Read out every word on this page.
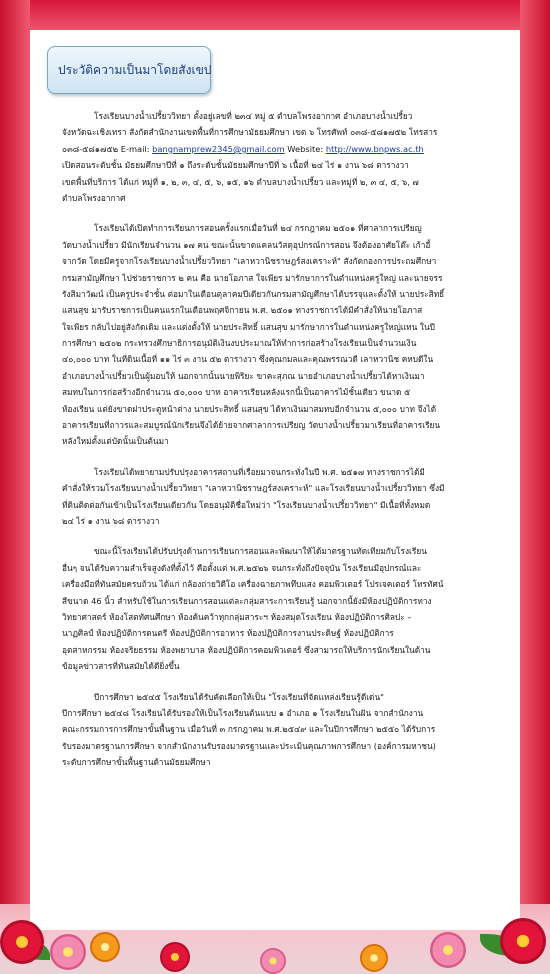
ประวัติความเป็นมาโดยสังเขป
โรงเรียนบางน้ำเปรี้ยววิทยา ตั้งอยู่เลขที่ ๒๓๔ หมู่ ๕ ตำบลโพรงอากาศ อำเภอบางน้ำเปรี้ยว
จังหวัดฉะเชิงเทรา สังกัดสำนักงานเขตพื้นที่การศึกษามัธยมศึกษา เขต ๖ โทรศัพท์ ๐๓๘-๕๘๑๗๕๒ โทรสาร
๐๓๘-๕๘๑๗๕๒ E-mail: bangnamprew2345@gmail.com Website: http://www.bnpws.ac.th
เปิดสอนระดับชั้น มัธยมศึกษาปีที่ ๑ ถึงระดับชั้นมัธยมศึกษาปีที่ ๖ เนื้อที่ ๒๔ ไร่ ๑ งาน ๖๘ ตารางวา
เขตพื้นที่บริการ ได้แก่ หมู่ที่ ๑, ๒, ๓, ๔, ๕, ๖, ๑๕, ๑๖ ตำบลบางน้ำเปรี้ยว และหมู่ที่ ๒, ๓ ๔, ๕, ๖, ๗
ตำบลโพรงอากาศ
โรงเรียนได้เปิดทำการเรียนการสอนครั้งแรกเมื่อวันที่ ๒๔ กรกฎาคม ๒๕๐๑ ที่ศาลาการเปรียญ
วัดบางน้ำเปรี้ยว มีนักเรียนจำนวน ๑๗ คน ขณะนั้นขาดแคลนวัสดุอุปกรณ์การสอน จึงต้องอาศัยโต๊ะ เก้าอี้
จากวัด โดยมีครูจากโรงเรียนบางน้ำเปรี้ยววิทยา "เลาหวานิชราษฎร์สงเคราะห์" สังกัดกองการประถมศึกษา
กรมสามัญศึกษา ไปช่วยราชการ ๒ คน คือ นายโอภาส ใจเพียร มารักษาการในตำแหน่งครูใหญ่ และนายจรร
รังสิมาวัฒน์ เป็นครูประจำชั้น ต่อมาในเดือนตุลาคมปีเดียวกันกรมสามัญศึกษาได้บรรจุและตั้งให้ นายประสิทธิ์
แสนสุข มารับราชการเป็นคนแรกในเดือนพฤศจิกายน พ.ศ. ๒๕๐๑ ทางราชการได้มีคำสั่งให้นายโอภาส
ใจเพียร กลับไปอยู่สังกัดเดิม และแต่งตั้งให้ นายประสิทธิ์ แสนสุข มารักษาการในตำแหน่งครูใหญ่แทน ในปี
การศึกษา ๒๕๐๒ กระทรวงศึกษาธิการอนุมัติเงินงบประมาณให้ทำการก่อสร้างโรงเรียนเป็นจำนวนเงิน
๔๐,๐๐๐ บาท ในที่ดินเนื้อที่ ๑๑ ไร่ ๓ งาน ๕๒ ตารางวา ซึ่งคุณกมลและคุณพรรณวดี เลาหวานิช คหบดีใน
อำเภอบางน้ำเปรี้ยวเป็นผู้มอบให้ นอกจากนั้นนายพิริยะ ขาคะสุภณ นายอำเภอบางน้ำเปรี้ยวได้หาเงินมา
สมทบในการก่อสร้างอีกจำนวน ๕๐,๐๐๐ บาท อาคารเรียนหลังแรกนี้เป็นอาคารไม้ชั้นเดียว ขนาด ๕
ห้องเรียน แต่ยังขาดฝาประตูหน้าต่าง นายประสิทธิ์ แสนสุข ได้หาเงินมาสมทบอีกจำนวน ๕,๐๐๐ บาท จึงได้
อาคารเรียนที่ถาวรและสมบูรณ์นักเรียนจึงได้ย้ายจากศาลาการเปรียญ วัดบางน้ำเปรี้ยวมาเรียนที่อาคารเรียน
หลังใหม่ตั้งแต่บัดนั้นเป็นต้นมา
โรงเรียนได้พยายามปรับปรุงอาคารสถานที่เรื่อยมาจนกระทั่งในปี พ.ศ. ๒๕๑๗ ทางราชการได้มี
คำสั่งให้รวมโรงเรียนบางน้ำเปรี้ยววิทยา "เลาหวานิชราษฎร์สงเคราะห์" และโรงเรียนบางน้ำเปรี้ยววิทยา ซึ่งมี
ที่ดินติดต่อกันเข้าเป็นโรงเรียนเดียวกัน โดยอนุมัติชื่อใหม่ว่า "โรงเรียนบางน้ำเปรี้ยววิทยา" มีเนื้อที่ทั้งหมด
๒๔ ไร่ ๑ งาน ๖๘ ตารางวา
ขณะนี้โรงเรียนได้ปรับปรุงด้านการเรียนการสอนและพัฒนาให้ได้มาตรฐานทัดเทียมกับโรงเรียน
อื่นๆ จนได้รับความสำเร็จสูงดังที่ตั้งไว้ คือตั้งแต่ พ.ศ.๒๕๒๖ จนกระทั่งถึงปัจจุบัน โรงเรียนมีอุปกรณ์และ
เครื่องมือที่ทันสมัยครบถ้วน ได้แก่ กล้องถ่ายวิดีโอ เครื่องฉายภาพทึบแสง คอมพิวเตอร์ โปรเจคเตอร์ โทรทัศน์
สีขนาด 46 นิ้ว สำหรับใช้ในการเรียนการสอนแต่ละกลุ่มสาระการเรียนรู้ นอกจากนี้ยังมีห้องปฏิบัติการทาง
วิทยาศาสตร์ ห้องโสตทัศนศึกษา ห้องค้นคว้าทุกกลุ่มสาระฯ ห้องสมุดโรงเรียน ห้องปฏิบัติการศิลปะ –
นาฏศิลป์ ห้องปฏิบัติการดนตรี ห้องปฏิบัติการอาหาร ห้องปฏิบัติการงานประดิษฐ์ ห้องปฏิบัติการ
อุตสาหกรรม ห้องจริยธรรม ห้องพยาบาล ห้องปฏิบัติการคอมพิวเตอร์ ซึ่งสามารถให้บริการนักเรียนในด้าน
ข้อมูลข่าวสารที่ทันสมัยได้ดียิ่งขึ้น
ปีการศึกษา ๒๕๔๕ โรงเรียนได้รับคัดเลือกให้เป็น "โรงเรียนที่จัดแหล่งเรียนรู้ดีเด่น"
ปีการศึกษา ๒๕๔๘ โรงเรียนได้รับรองให้เป็นโรงเรียนต้นแบบ ๑ อำเภอ ๑ โรงเรียนในฝัน จากสำนักงาน
คณะกรรมการการศึกษาขั้นพื้นฐาน เมื่อวันที่ ๓ กรกฎาคม พ.ศ.๒๕๔๙ และในปีการศึกษา ๒๕๕๐ ได้รับการ
รับรองมาตรฐานการศึกษา จากสำนักงานรับรองมาตรฐานและประเมินคุณภาพการศึกษา (องค์การมหาชน)
ระดับการศึกษาขั้นพื้นฐานด้านมัธยมศึกษา
